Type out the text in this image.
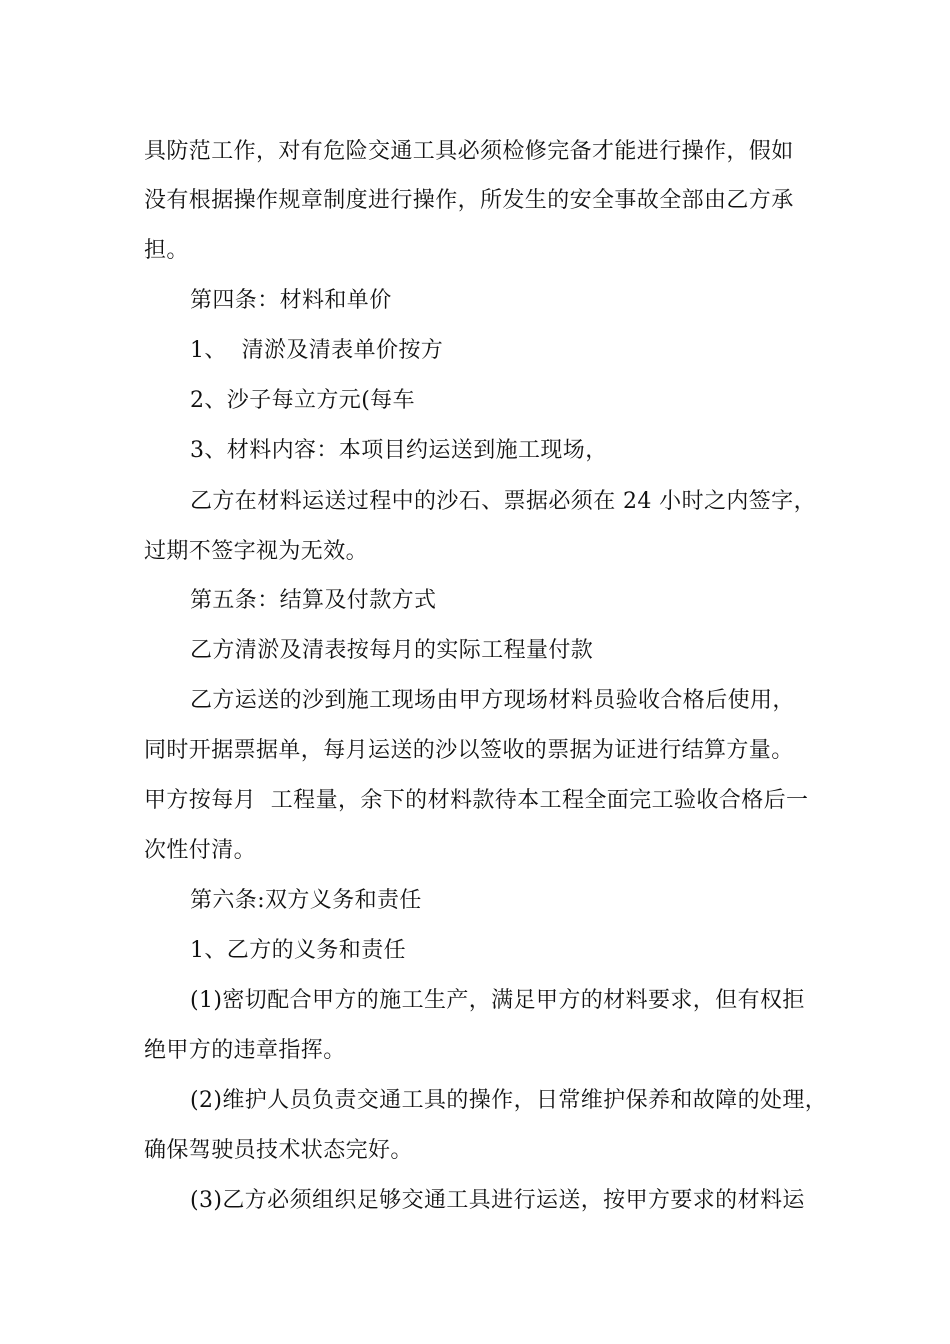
具防范工作，对有危险交通工具必须检修完备才能进行操作，假如
没有根据操作规章制度进行操作，所发生的安全事故全部由乙方承
担。
第四条：材料和单价
1、  清淤及清表单价按方
2、沙子每立方元(每车
3、材料内容：本项目约运送到施工现场，
乙方在材料运送过程中的沙石、票据必须在 24 小时之内签字，
过期不签字视为无效。
第五条：结算及付款方式
乙方清淤及清表按每月的实际工程量付款
乙方运送的沙到施工现场由甲方现场材料员验收合格后使用，
同时开据票据单，每月运送的沙以签收的票据为证进行结算方量。
甲方按每月  工程量，余下的材料款待本工程全面完工验收合格后一
次性付清。
第六条:双方义务和责任
1、乙方的义务和责任
(1)密切配合甲方的施工生产，满足甲方的材料要求，但有权拒
绝甲方的违章指挥。
(2)维护人员负责交通工具的操作，日常维护保养和故障的处理，
确保驾驶员技术状态完好。
(3)乙方必须组织足够交通工具进行运送，按甲方要求的材料运
